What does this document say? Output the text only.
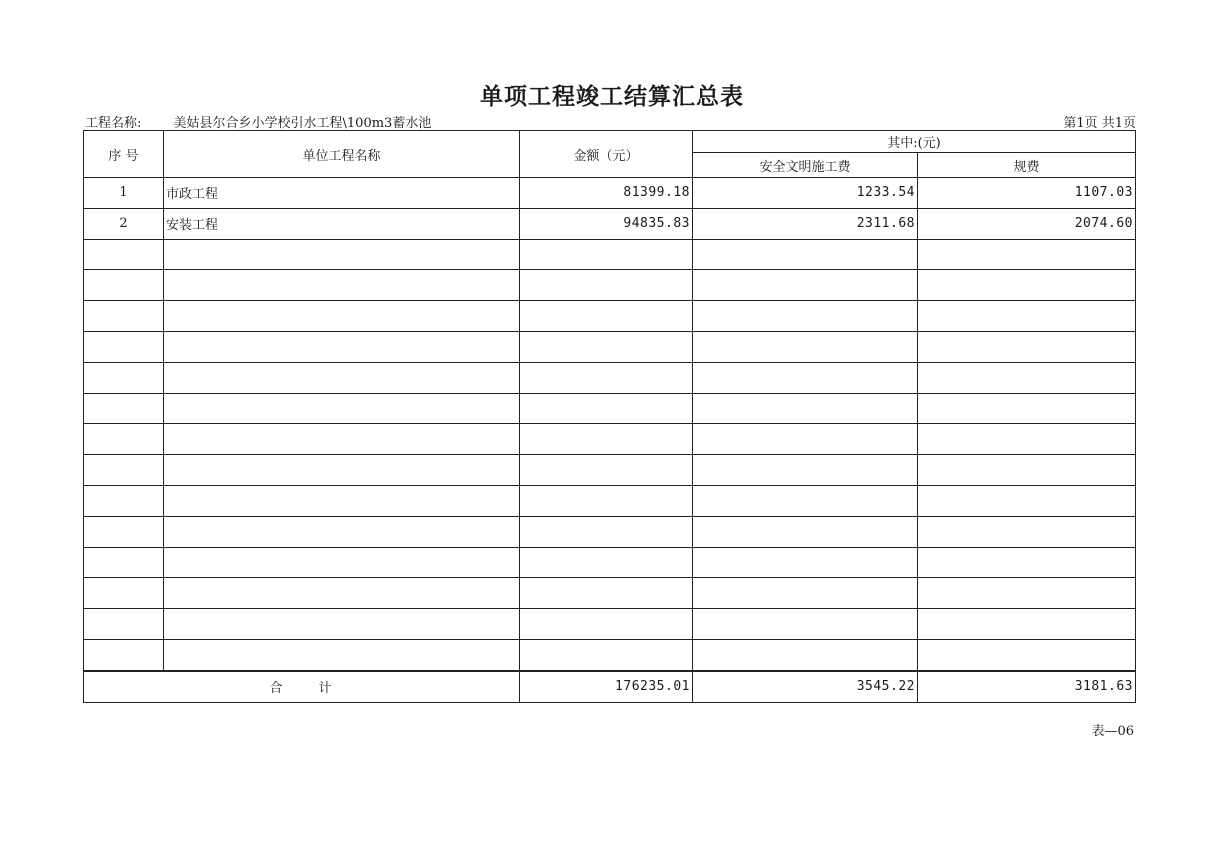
单项工程竣工结算汇总表
工程名称: 美姑县尔合乡小学校引水工程\100m3蓄水池	第1页 共1页
序 号	单位工程名称	金额（元）	其中:(元)	
			安全文明施工费	规费
1	市政工程	81399.18	1233.54	1107.03
2	安装工程	94835.83	2311.68	2074.60

合计		176235.01	3545.22	3181.63
表—06
